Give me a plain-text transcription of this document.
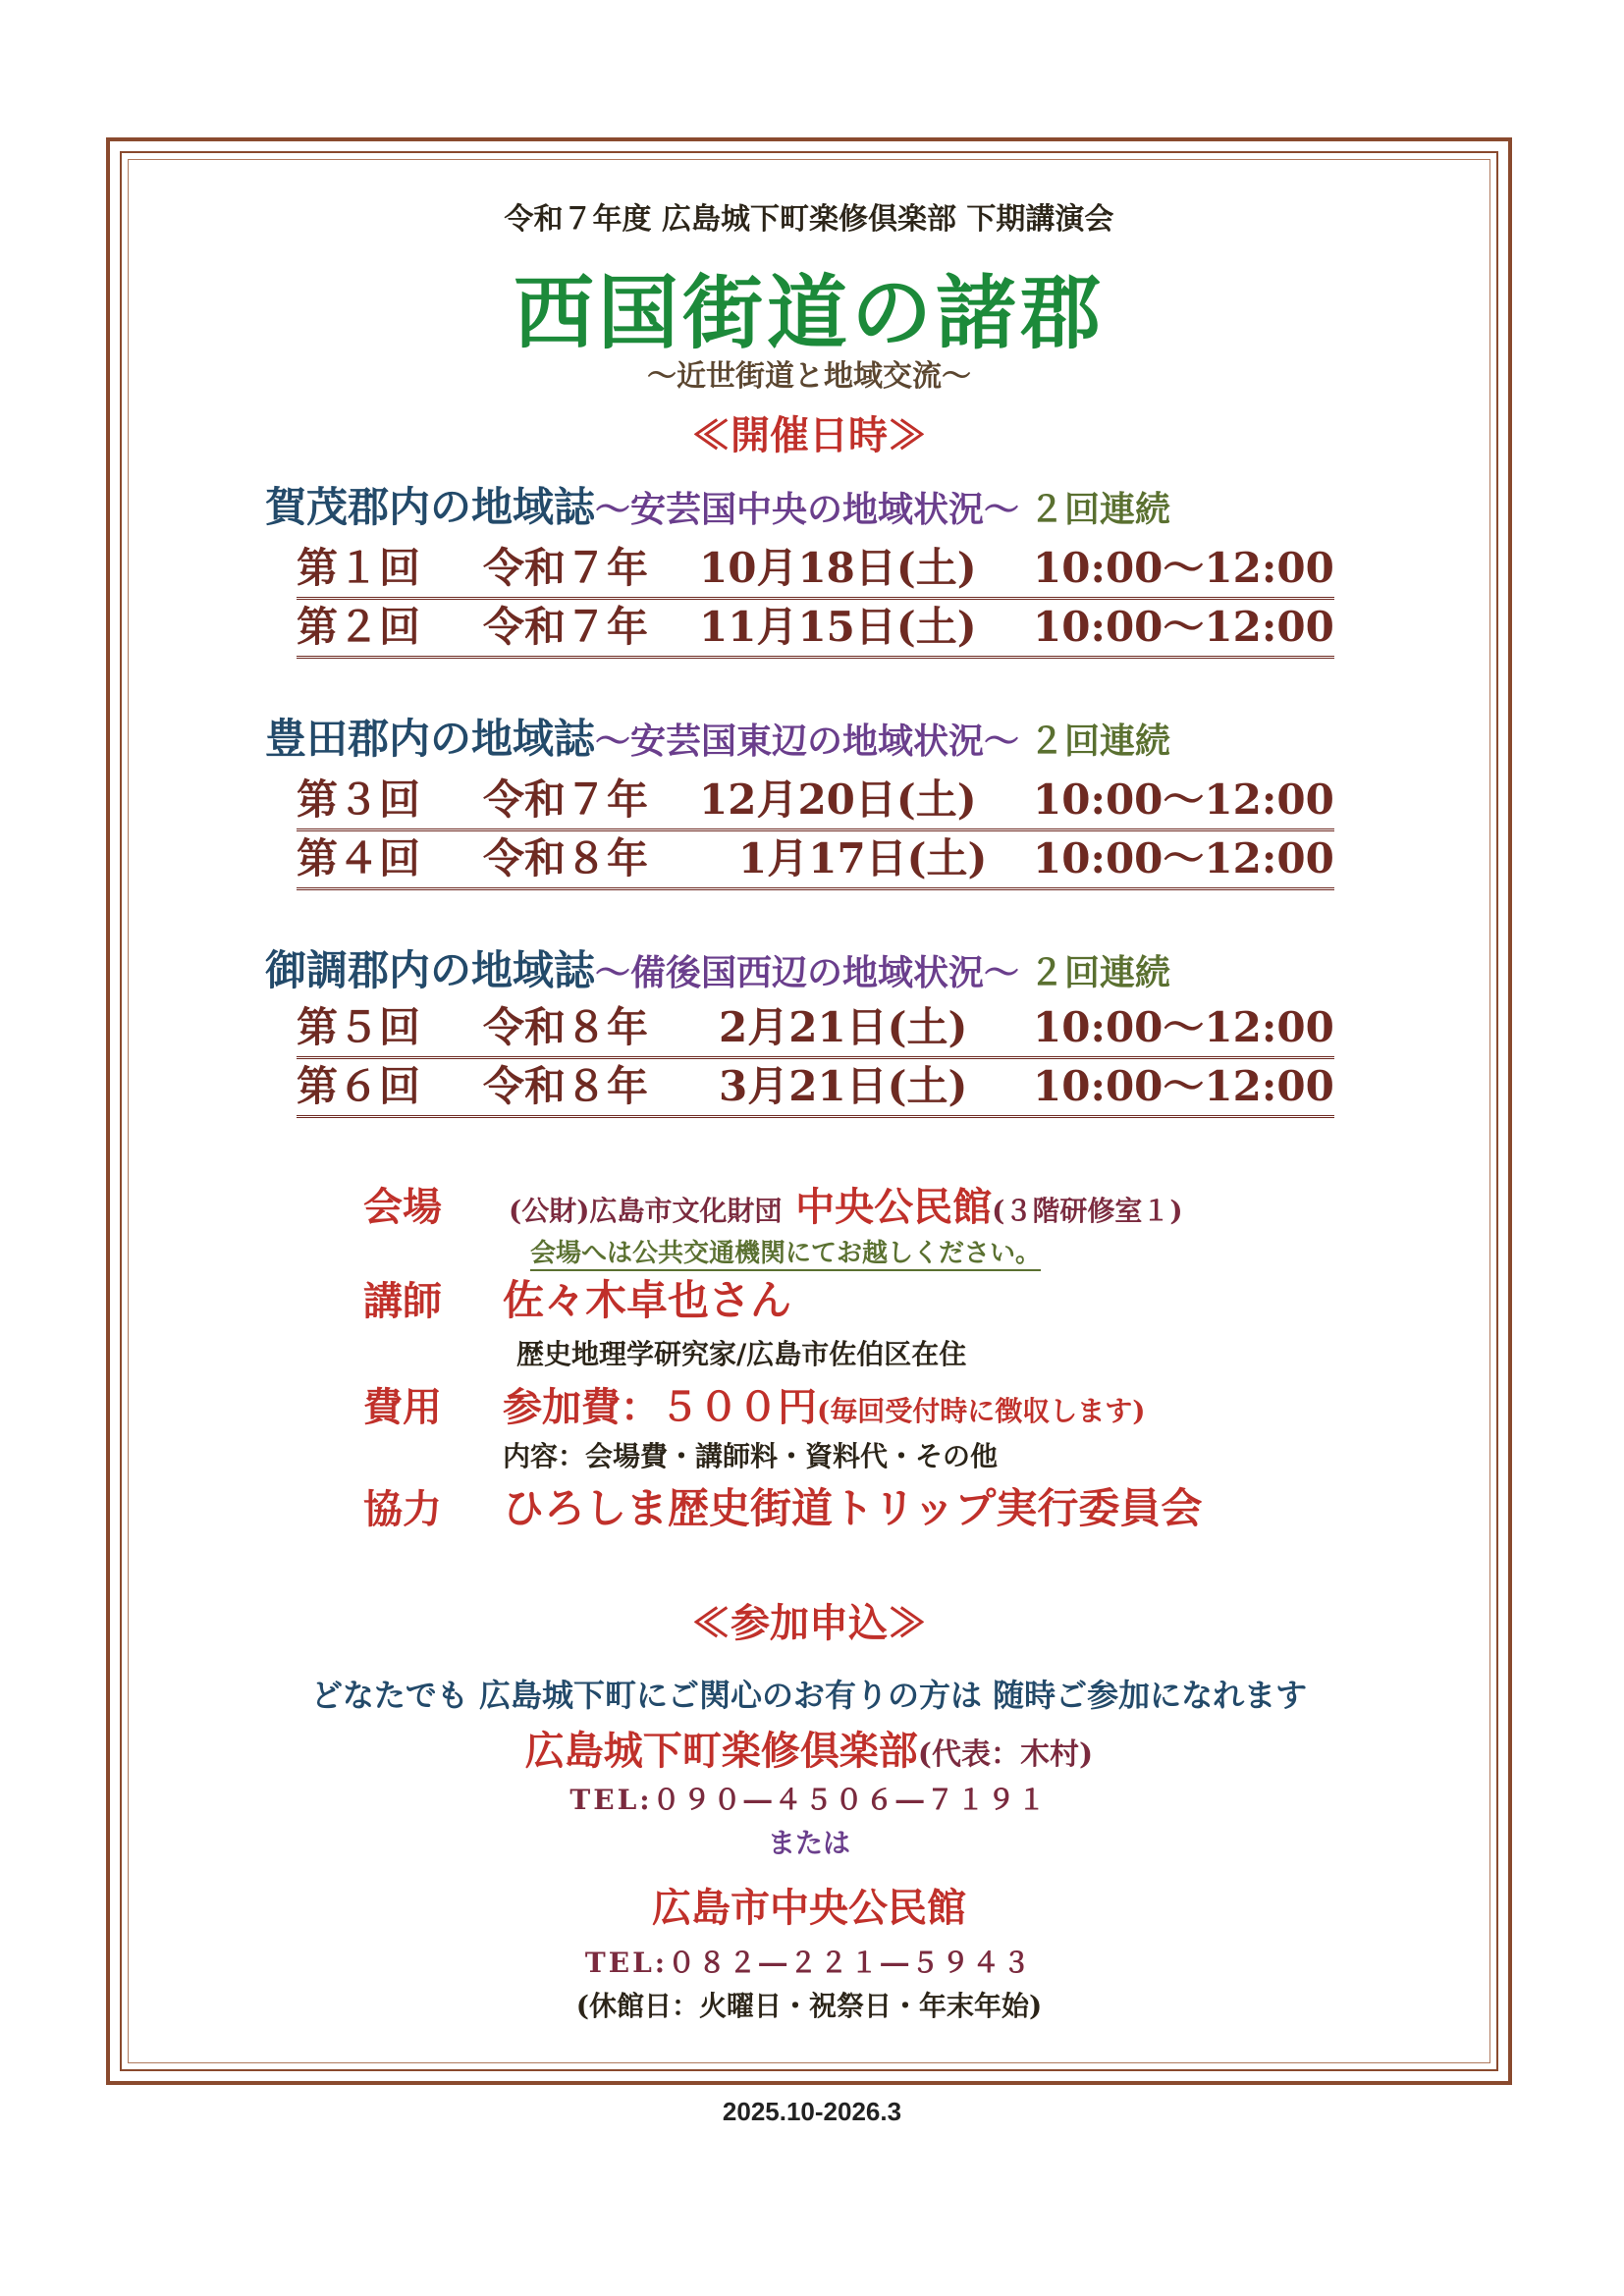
令和７年度 広島城下町楽修倶楽部 下期講演会
西国街道の諸郡
～近世街道と地域交流～
≪開催日時≫
賀茂郡内の地域誌～安芸国中央の地域状況～ ２回連続
第１回 令和７年 10月18日(土) 10:00～12:00
第２回 令和７年 11月15日(土) 10:00～12:00
豊田郡内の地域誌～安芸国東辺の地域状況～ ２回連続
第３回 令和７年 12月20日(土) 10:00～12:00
第４回 令和８年 1月17日(土) 10:00～12:00
御調郡内の地域誌～備後国西辺の地域状況～ ２回連続
第５回 令和８年 2月21日(土) 10:00～12:00
第６回 令和８年 3月21日(土) 10:00～12:00
会場 (公財)広島市文化財団 中央公民館(３階研修室１)
会場へは公共交通機関にてお越しください。
講師 佐々木卓也さん
歴史地理学研究家/広島市佐伯区在住
費用 参加費：５００円(毎回受付時に徴収します)
内容：会場費・講師料・資料代・その他
協力 ひろしま歴史街道トリップ実行委員会
≪参加申込≫
どなたでも 広島城下町にご関心のお有りの方は 随時ご参加になれます
広島城下町楽修倶楽部(代表：木村)
TEL:０９０―４５０６―７１９１
または
広島市中央公民館
TEL:０８２―２２１―５９４３
(休館日：火曜日・祝祭日・年末年始)
2025.10-2026.3
